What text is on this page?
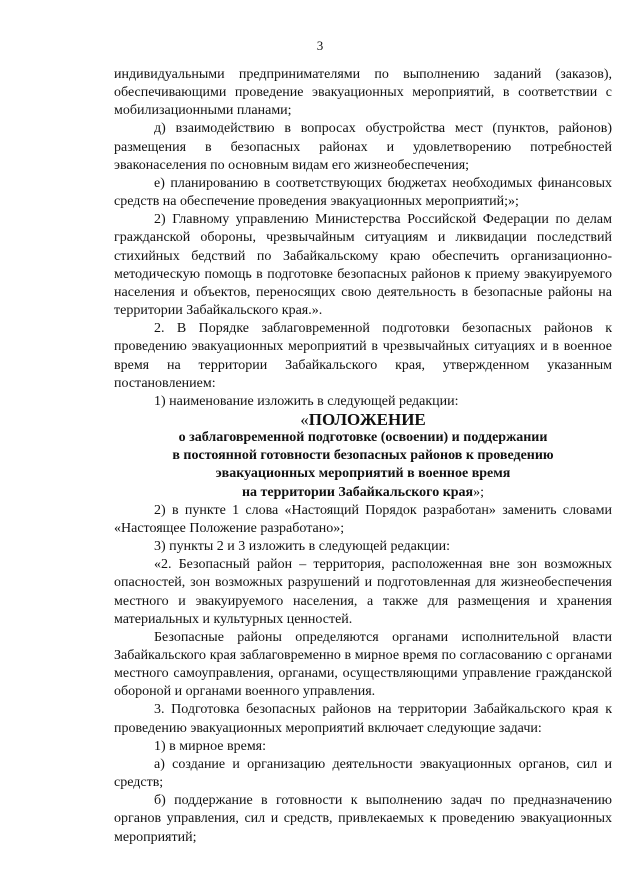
3

индивидуальными предпринимателями по выполнению заданий (заказов), обеспечивающими проведение эвакуационных мероприятий, в соответствии с мобилизационными планами;

д) взаимодействию в вопросах обустройства мест (пунктов, районов) размещения в безопасных районах и удовлетворению потребностей эваконаселения по основным видам его жизнеобеспечения;

е) планированию в соответствующих бюджетах необходимых финансовых средств на обеспечение проведения эвакуационных мероприятий;»;

2) Главному управлению Министерства Российской Федерации по делам гражданской обороны, чрезвычайным ситуациям и ликвидации последствий стихийных бедствий по Забайкальскому краю обеспечить организационно-методическую помощь в подготовке безопасных районов к приему эвакуируемого населения и объектов, переносящих свою деятельность в безопасные районы на территории Забайкальского края.».

2. В Порядке заблаговременной подготовки безопасных районов к проведению эвакуационных мероприятий в чрезвычайных ситуациях и в военное время на территории Забайкальского края, утвержденном указанным постановлением:

1) наименование изложить в следующей редакции:

«ПОЛОЖЕНИЕ

о заблаговременной подготовке (освоении) и поддержании

в постоянной готовности безопасных районов к проведению

эвакуационных мероприятий в военное время

на территории Забайкальского края»;

2) в пункте 1 слова «Настоящий Порядок разработан» заменить словами «Настоящее Положение разработано»;

3) пункты 2 и 3 изложить в следующей редакции:

«2. Безопасный район – территория, расположенная вне зон возможных опасностей, зон возможных разрушений и подготовленная для жизнеобеспечения местного и эвакуируемого населения, а также для размещения и хранения материальных и культурных ценностей.

Безопасные районы определяются органами исполнительной власти Забайкальского края заблаговременно в мирное время по согласованию с органами местного самоуправления, органами, осуществляющими управление гражданской обороной и органами военного управления.

3. Подготовка безопасных районов на территории Забайкальского края к проведению эвакуационных мероприятий включает следующие задачи:

1) в мирное время:

а) создание и организацию деятельности эвакуационных органов, сил и средств;

б) поддержание в готовности к выполнению задач по предназначению органов управления, сил и средств, привлекаемых к проведению эвакуационных мероприятий;
